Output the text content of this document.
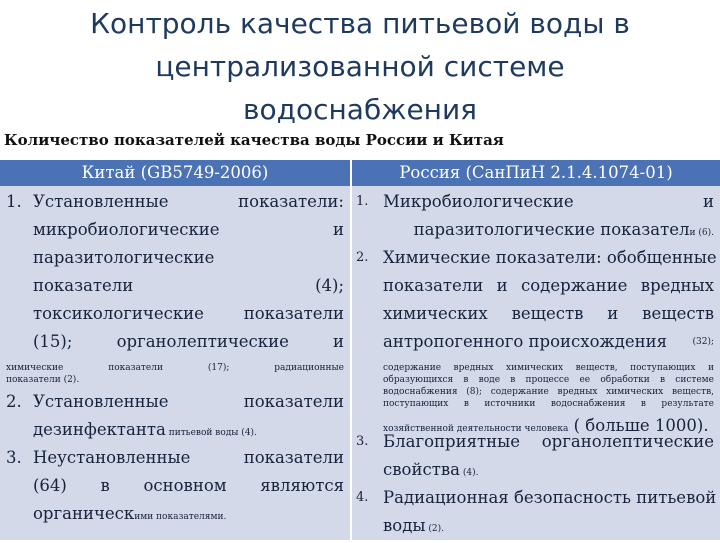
Контроль качества питьевой воды в
централизованной системе
водоснабжения
Количество показателей качества воды России и Китая
Китай (GB5749-2006)	Россия (СанПиН 2.1.4.1074-01)
1. Установленные показатели:
микробиологические и
паразитологические
показатели (4);
токсикологические показатели
(15); органолептические и
химические показатели (17); радиационные
показатели (2).
2. Установленные показатели
дезинфектанта питьевой воды (4).
3. Неустановленные показатели
(64) в основном являются
органическими показателями.
1. Микробиологические и
паразитологические показатели (6).
2. Химические показатели: обобщенные
показатели и содержание вредных
химических веществ и веществ
антропогенного происхождения	(32);
содержание вредных химических веществ, поступающих и
образующихся в воде в процессе ее обработки в системе
водоснабжения (8); содержание вредных химических веществ,
поступающих в источники водоснабжения в результате
хозяйственной деятельности человека ( больше 1000).
3. Благоприятные органолептические
свойства (4).
4. Радиационная безопасность питьевой
воды (2).
